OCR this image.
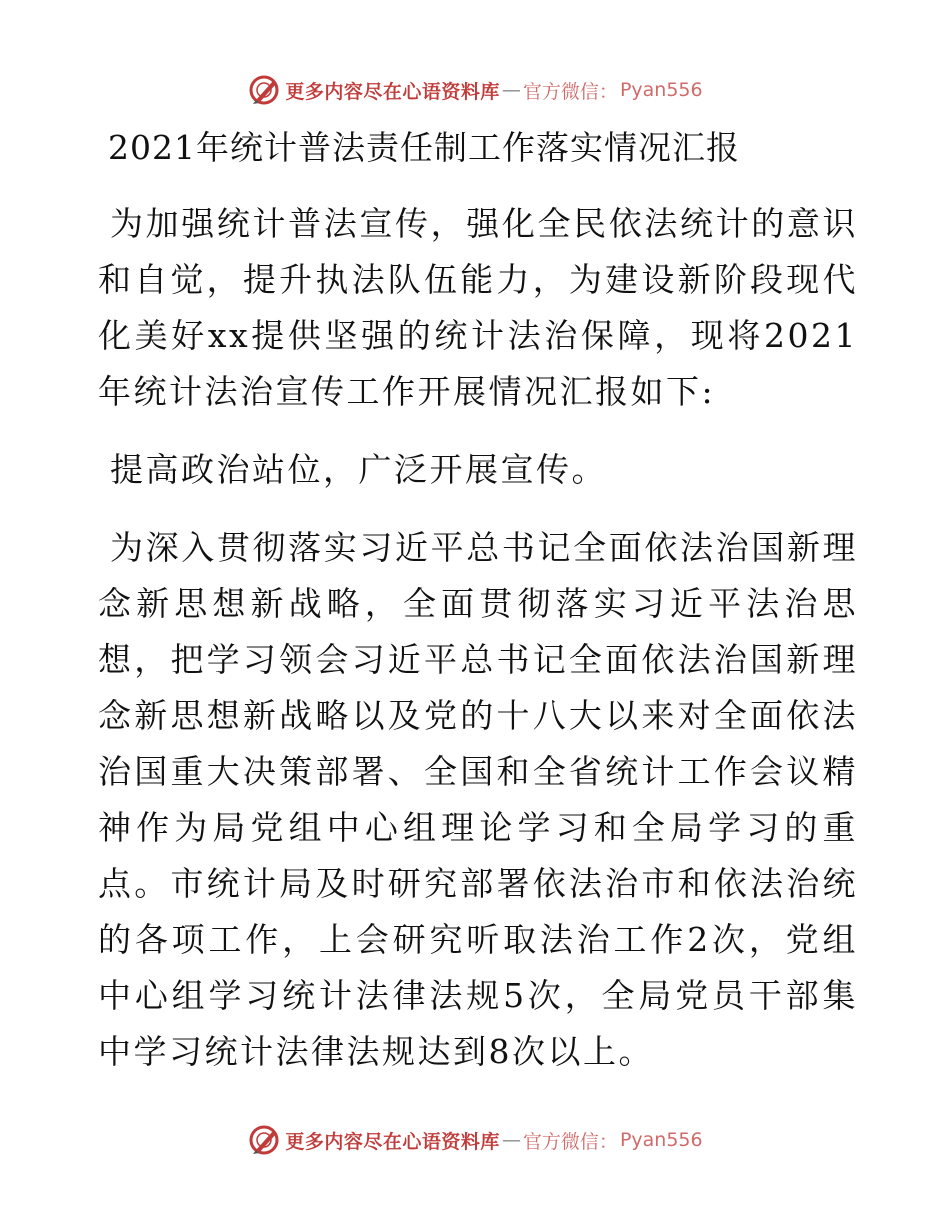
更多内容尽在心语资料库 — 官方微信： Pyan556
2021年统计普法责任制工作落实情况汇报

为加强统计普法宣传，强化全民依法统计的意识和自觉，提升执法队伍能力，为建设新阶段现代化美好xx提供坚强的统计法治保障，现将2021年统计法治宣传工作开展情况汇报如下:

提高政治站位，广泛开展宣传。

为深入贯彻落实习近平总书记全面依法治国新理念新思想新战略，全面贯彻落实习近平法治思想，把学习领会习近平总书记全面依法治国新理念新思想新战略以及党的十八大以来对全面依法治国重大决策部署、全国和全省统计工作会议精神作为局党组中心组理论学习和全局学习的重点。市统计局及时研究部署依法治市和依法治统的各项工作，上会研究听取法治工作2次，党组中心组学习统计法律法规5次，全局党员干部集中学习统计法律法规达到8次以上。

更多内容尽在心语资料库 — 官方微信： Pyan556
